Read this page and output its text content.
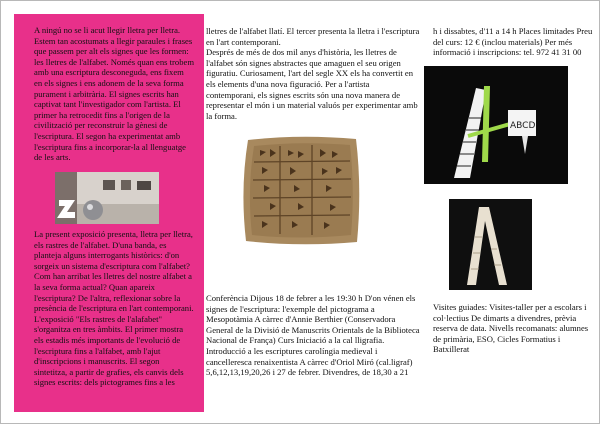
A ningú no se li acut llegir lletra per lletra. Estem tan acostumats a llegir paraules i frases que passem per alt els signes que les formen: les lletres de l'alfabet. Només quan ens trobem amb una escriptura desconeguda, ens fixem en els signes i ens adonem de la seva forma purament i arbitrària. El signes escrits han captivat tant l'investigador com l'artista. El primer ha retrocedit fins a l'origen de la civilització per reconstruir la gènesi de l'escriptura. El segon ha experimentat amb l'escriptura fins a incorporar-la al llenguatge de les arts.

La present exposició presenta, lletra per lletra, els rastres de l'alfabet. D'una banda, es planteja alguns interrogants històrics: d'on sorgeix un sistema d'escriptura com l'alfabet? Com han arribat les lletres del nostre alfabet a la seva forma actual? Quan apareix l'escriptura? De l'altra, reflexionar sobre la presència de l'escriptura en l'art contemporani. L'exposició "Els rastres de l'alafabet" s'organitza en tres àmbits. El primer mostra els estadis més importants de l'evolució de l'escriptura fins a l'alfabet, amb l'ajut d'inscripcions i manuscrits. El segon sintetitza, a partir de grafies, els canvis dels signes escrits: dels pictogrames fins a les

lletres de l'alfabet llatí. El tercer presenta la lletra i l'escriptura en l'art contemporani.

Després de més de dos mil anys d'història, les lletres de l'alfabet són signes abstractes que amaguen el seu origen figuratiu. Curiosament, l'art del segle XX els ha convertit en els elements d'una nova figuració. Per a l'artista contemporani, els signes escrits són una nova manera de representar el món i un material valuós per experimentar amb la forma.

Conferència Dijous 18 de febrer a les 19:30 h D'on vénen els signes de l'escriptura: l'exemple del pictograma a Mesopotàmia A càrrec d'Annie Berthier (Conservadora General de la Divisió de Manuscrits Orientals de la Biblioteca Nacional de França) Curs Iniciació a la cal lligrafia. Introducció a les escriptures carolíngia medieval i cancelleresca renaixentista A càrrec d'Oriol Miró (cal.ligraf) 5,6,12,13,19,20,26 i 27 de febrer. Divendres, de 18,30 a 21

h i dissabtes, d'11 a 14 h Places limitades Preu del curs: 12 € (inclou materials) Per més informació i inscripcions: tel. 972 41 31 00

ABCD

Visites guiades: Visites-taller per a escolars i col·lectius De dimarts a divendres, prèvia reserva de data. Nivells recomanats: alumnes de primària, ESO, Cicles Formatius i Batxillerat
